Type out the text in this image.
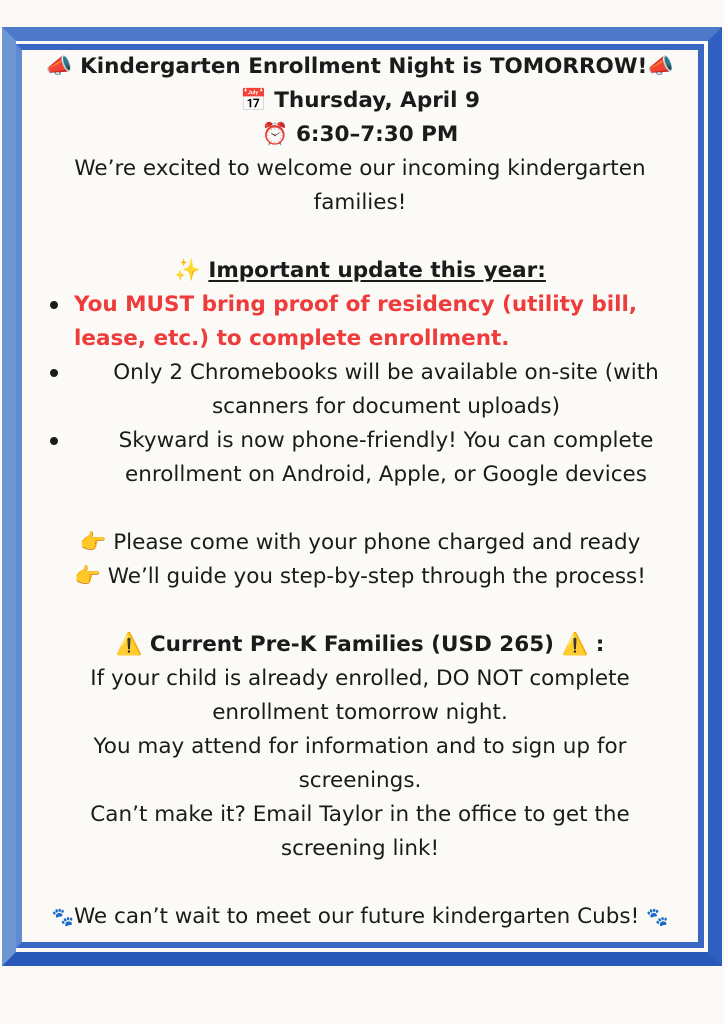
📣 Kindergarten Enrollment Night is TOMORROW!📣
📅 Thursday, April 9
⏰ 6:30–7:30 PM
We’re excited to welcome our incoming kindergarten
families!
✨ Important update this year:
You MUST bring proof of residency (utility bill,
lease, etc.) to complete enrollment.
Only 2 Chromebooks will be available on-site (with
scanners for document uploads)
Skyward is now phone-friendly! You can complete
enrollment on Android, Apple, or Google devices
👉 Please come with your phone charged and ready
👉 We’ll guide you step-by-step through the process!
⚠️ Current Pre-K Families (USD 265) ⚠️ :
If your child is already enrolled, DO NOT complete
enrollment tomorrow night.
You may attend for information and to sign up for
screenings.
Can’t make it? Email Taylor in the office to get the
screening link!
🐾We can’t wait to meet our future kindergarten Cubs! 🐾
